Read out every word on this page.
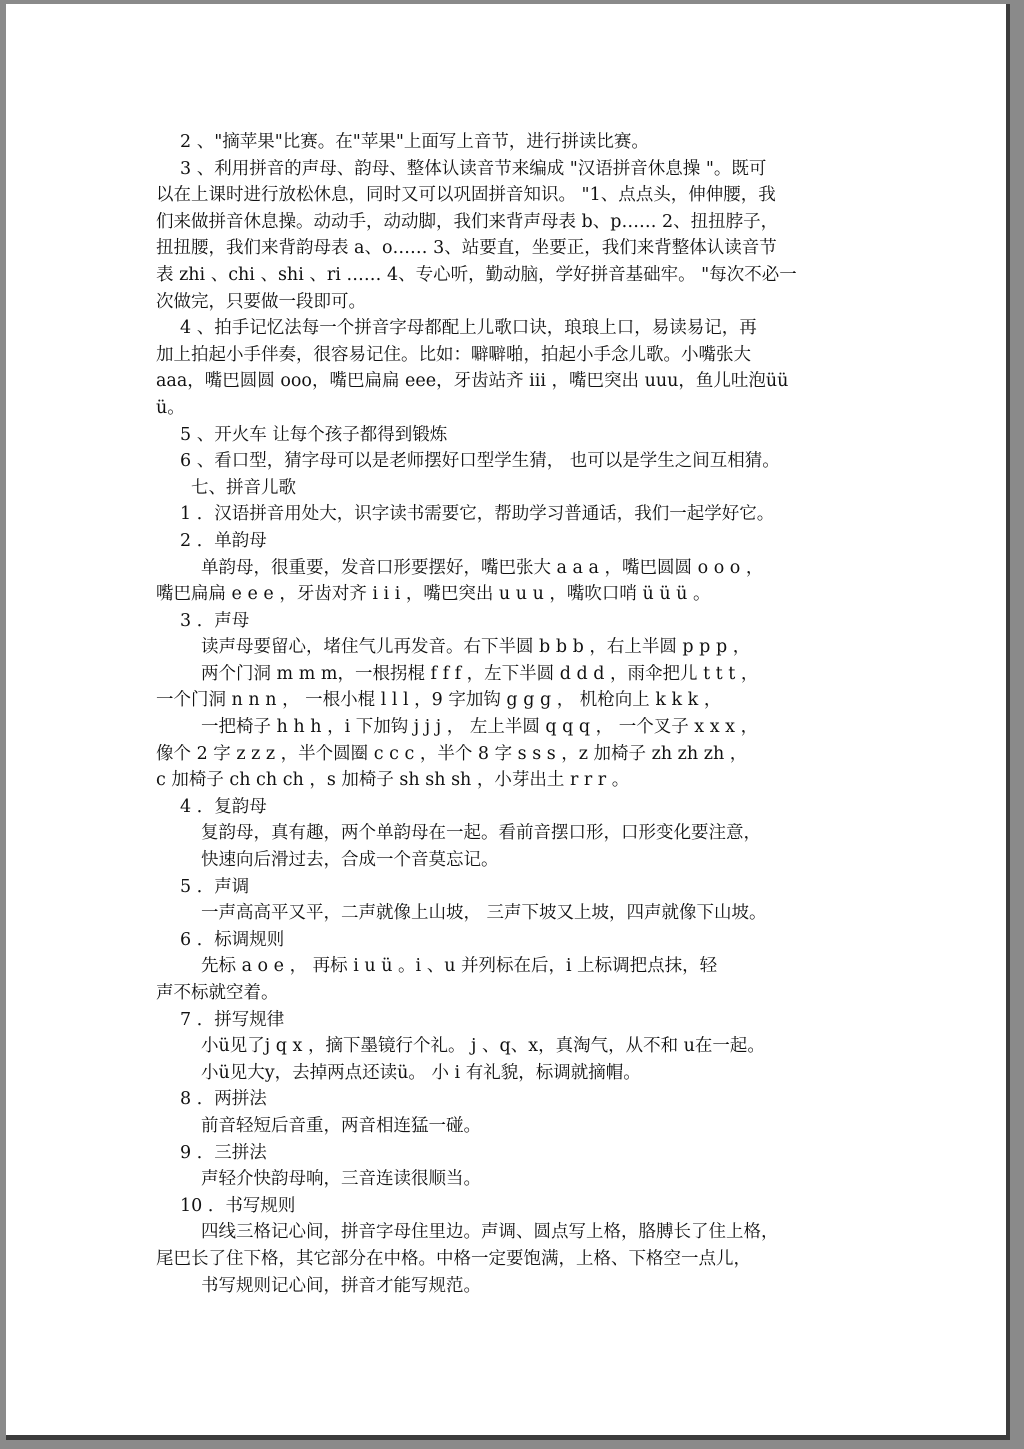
2 、"摘苹果"比赛。在"苹果"上面写上音节，进行拼读比赛。
3 、利用拼音的声母、韵母、整体认读音节来编成 "汉语拼音休息操 "。既可
以在上课时进行放松休息，同时又可以巩固拼音知识。 "1、点点头，伸伸腰，我
们来做拼音休息操。动动手，动动脚，我们来背声母表 b、p…… 2、扭扭脖子，
扭扭腰，我们来背韵母表 a、o…… 3、站要直，坐要正，我们来背整体认读音节
表 zhi 、chi 、shi 、ri …… 4、专心听，勤动脑，学好拼音基础牢。 "每次不必一
次做完，只要做一段即可。
4 、拍手记忆法每一个拼音字母都配上儿歌口诀，琅琅上口，易读易记，再
加上拍起小手伴奏，很容易记住。比如：噼噼啪，拍起小手念儿歌。小嘴张大
aaa，嘴巴圆圆 ooo，嘴巴扁扁 eee，牙齿站齐 iii ，嘴巴突出 uuu，鱼儿吐泡üü
ü。
5 、开火车 让每个孩子都得到锻炼
6 、看口型，猜字母可以是老师摆好口型学生猜， 也可以是学生之间互相猜。
七、拼音儿歌
1 ．汉语拼音用处大，识字读书需要它，帮助学习普通话，我们一起学好它。
2 ．单韵母
单韵母，很重要，发音口形要摆好，嘴巴张大 a a a ，嘴巴圆圆 o o o ，
嘴巴扁扁 e e e ，牙齿对齐 i i i ，嘴巴突出 u u u ，嘴吹口哨 ü ü ü 。
3 ．声母
读声母要留心，堵住气儿再发音。右下半圆 b b b ，右上半圆 p p p ，
两个门洞 m m m，一根拐棍 f f f ，左下半圆 d d d ，雨伞把儿 t t t ，
一个门洞 n n n ， 一根小棍 l l l ，9 字加钩 g g g ， 机枪向上 k k k ，
一把椅子 h h h ，i 下加钩 j j j ， 左上半圆 q q q ， 一个叉子 x x x ，
像个 2 字 z z z ，半个圆圈 c c c ，半个 8 字 s s s ，z 加椅子 zh zh zh ，
c 加椅子 ch ch ch ，s 加椅子 sh sh sh ，小芽出土 r r r 。
4 ．复韵母
复韵母，真有趣，两个单韵母在一起。看前音摆口形，口形变化要注意，
快速向后滑过去，合成一个音莫忘记。
5 ．声调
一声高高平又平，二声就像上山坡， 三声下坡又上坡，四声就像下山坡。
6 ．标调规则
先标 a o e ， 再标 i u ü 。i 、u 并列标在后，i 上标调把点抹，轻
声不标就空着。
7 ．拼写规律
小ü见了j q x ，摘下墨镜行个礼。 j 、q、x，真淘气，从不和 u在一起。
小ü见大y，去掉两点还读ü。 小 i 有礼貌，标调就摘帽。
8 ．两拼法
前音轻短后音重，两音相连猛一碰。
9 ．三拼法
声轻介快韵母响，三音连读很顺当。
10 ．书写规则
四线三格记心间，拼音字母住里边。声调、圆点写上格，胳膊长了住上格，
尾巴长了住下格，其它部分在中格。中格一定要饱满，上格、下格空一点儿，
书写规则记心间，拼音才能写规范。
